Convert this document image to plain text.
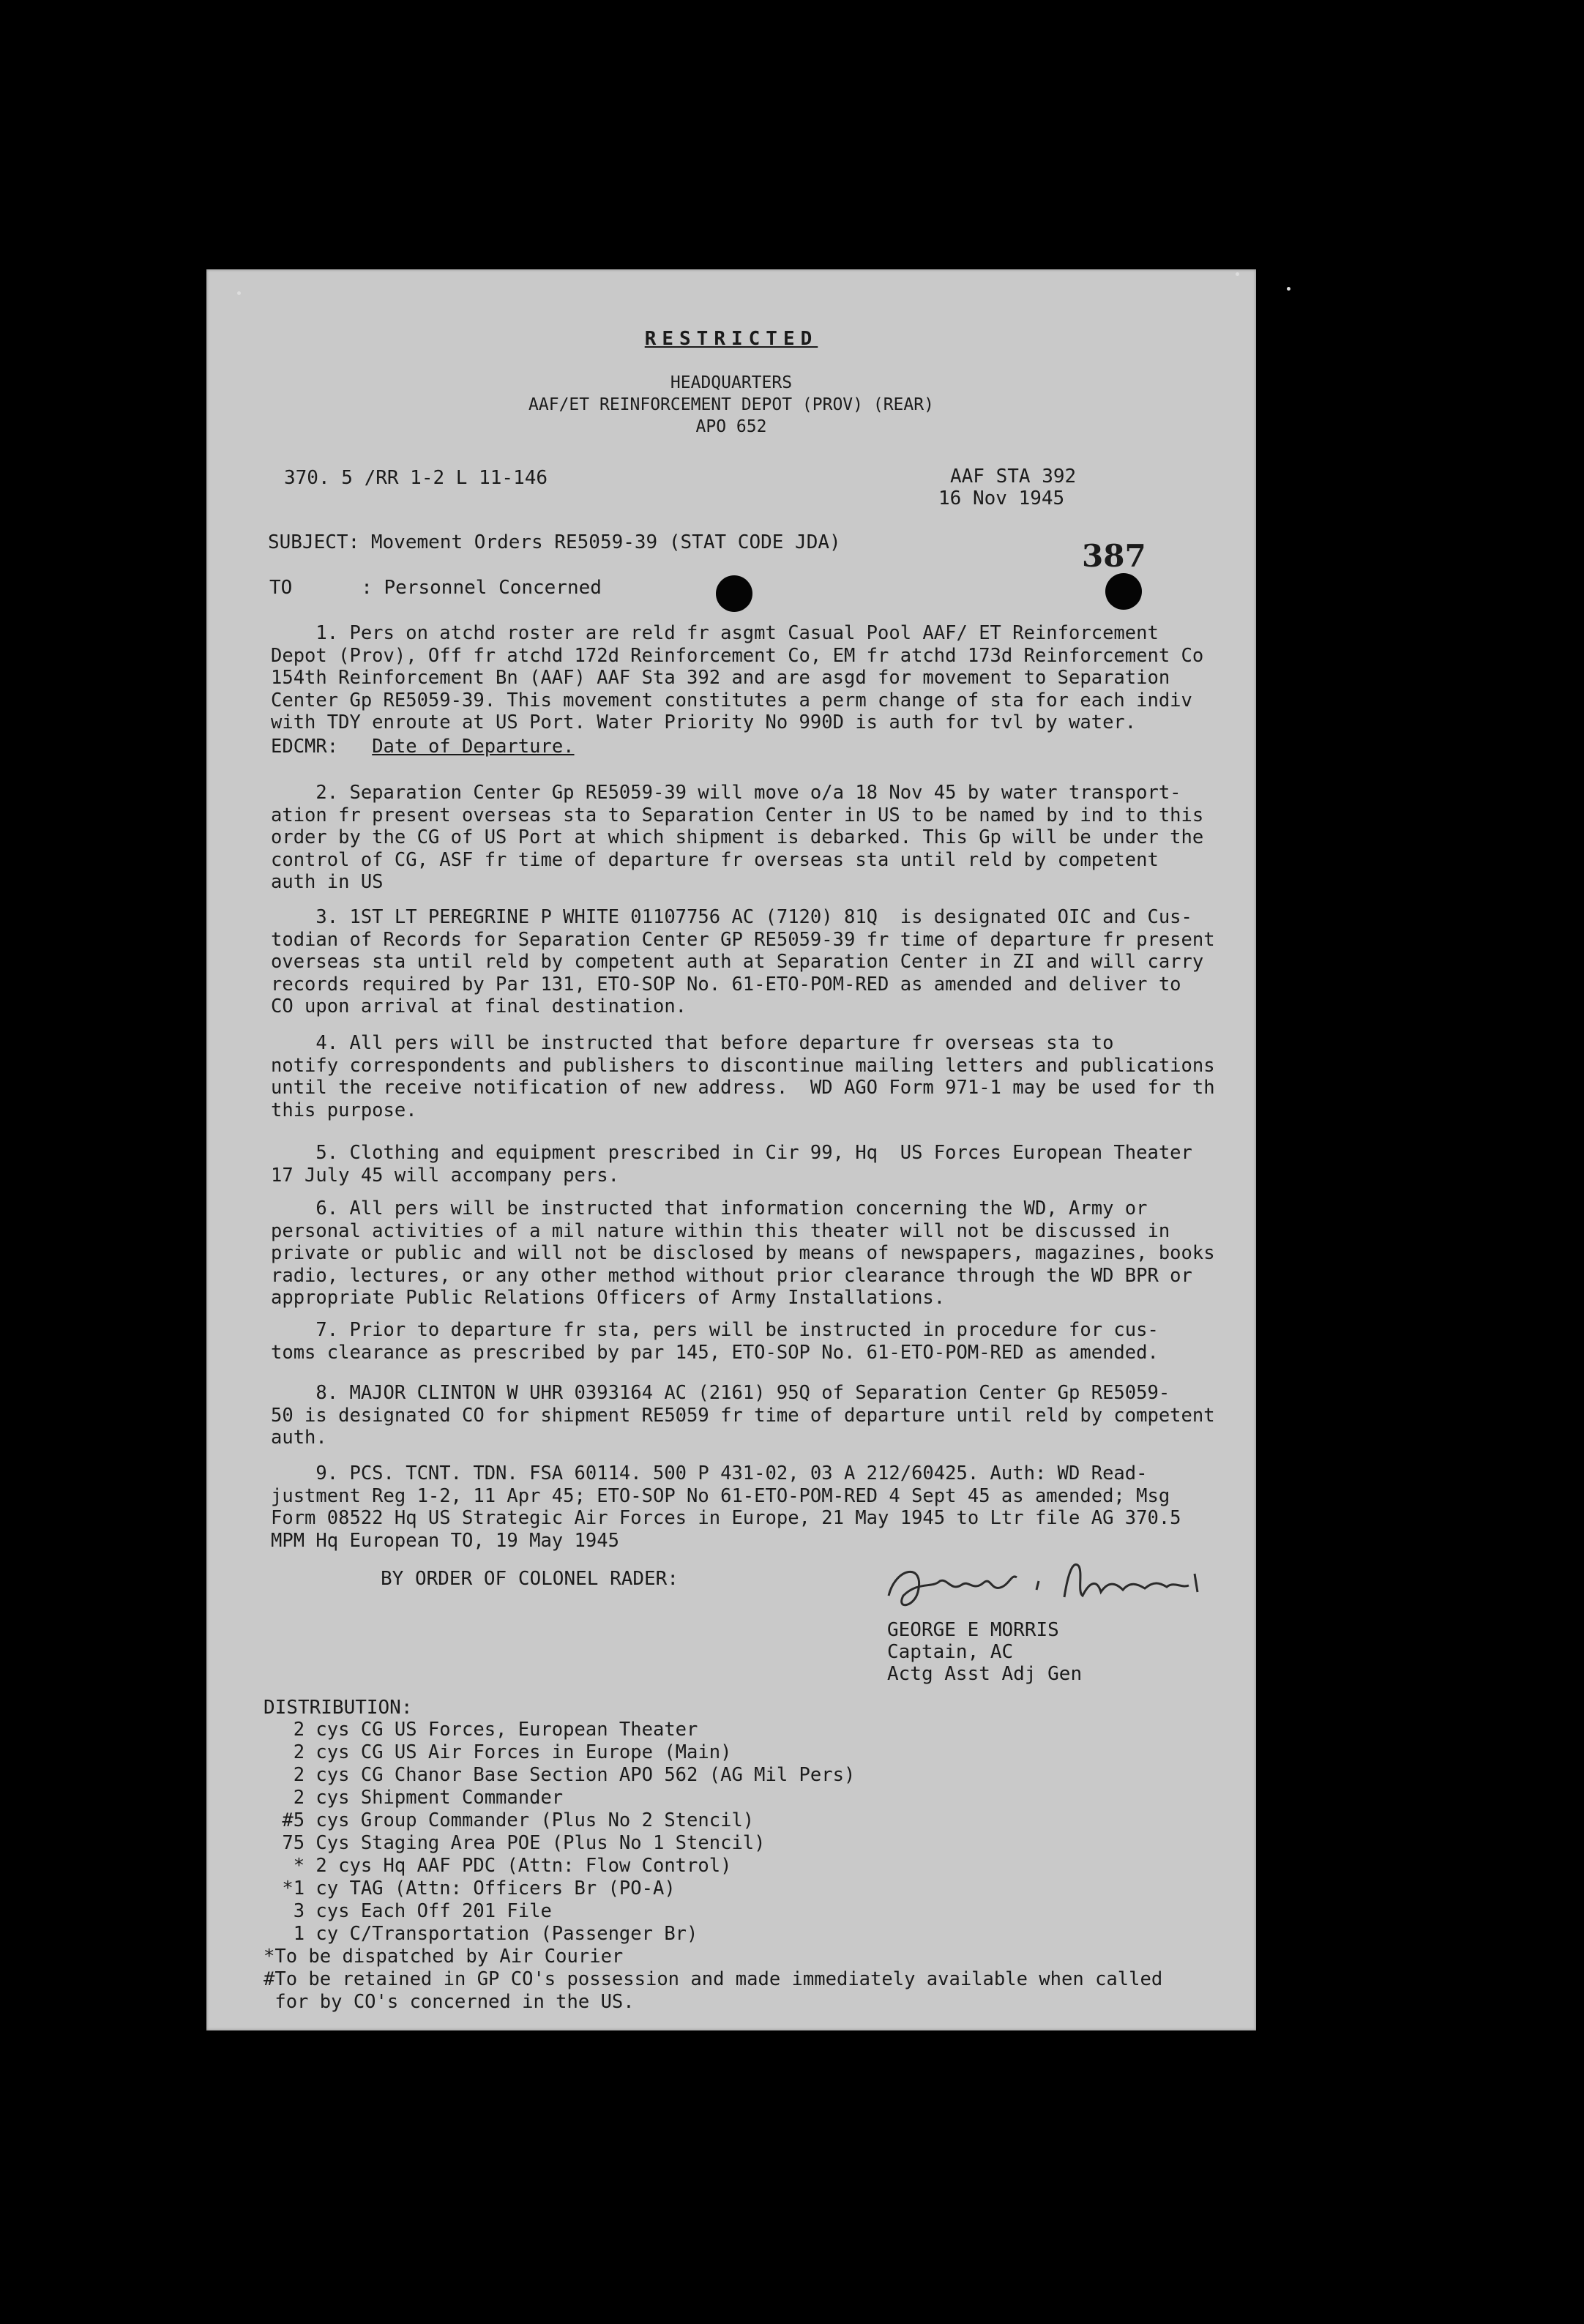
RESTRICTED
HEADQUARTERS
AAF/ET REINFORCEMENT DEPOT (PROV) (REAR)
APO 652
370. 5 /RR 1-2 L 11-146	AAF STA 392
16 Nov 1945
SUBJECT: Movement Orders RE5059-39 (STAT CODE JDA)	387
TO      : Personnel Concerned
1. Pers on atchd roster are reld fr asgmt Casual Pool AAF/ ET Reinforcement
Depot (Prov), Off fr atchd 172d Reinforcement Co, EM fr atchd 173d Reinforcement Co
154th Reinforcement Bn (AAF) AAF Sta 392 and are asgd for movement to Separation
Center Gp RE5059-39. This movement constitutes a perm change of sta for each indiv
with TDY enroute at US Port. Water Priority No 990D is auth for tvl by water.
EDCMR: Date of Departure.
2. Separation Center Gp RE5059-39 will move o/a 18 Nov 45 by water transport-
ation fr present overseas sta to Separation Center in US to be named by ind to this
order by the CG of US Port at which shipment is debarked. This Gp will be under the
control of CG, ASF fr time of departure fr overseas sta until reld by competent
auth in US
3. 1ST LT PEREGRINE P WHITE 01107756 AC (7120) 81Q  is designated OIC and Cus-
todian of Records for Separation Center GP RE5059-39 fr time of departure fr present
overseas sta until reld by competent auth at Separation Center in ZI and will carry
records required by Par 131, ETO-SOP No. 61-ETO-POM-RED as amended and deliver to
CO upon arrival at final destination.
4. All pers will be instructed that before departure fr overseas sta to
notify correspondents and publishers to discontinue mailing letters and publications
until the receive notification of new address.  WD AGO Form 971-1 may be used for th
this purpose.
5. Clothing and equipment prescribed in Cir 99, Hq  US Forces European Theater
17 July 45 will accompany pers.
6. All pers will be instructed that information concerning the WD, Army or
personal activities of a mil nature within this theater will not be discussed in
private or public and will not be disclosed by means of newspapers, magazines, books
radio, lectures, or any other method without prior clearance through the WD BPR or
appropriate Public Relations Officers of Army Installations.
7. Prior to departure fr sta, pers will be instructed in procedure for cus-
toms clearance as prescribed by par 145, ETO-SOP No. 61-ETO-POM-RED as amended.
8. MAJOR CLINTON W UHR 0393164 AC (2161) 95Q of Separation Center Gp RE5059-
50 is designated CO for shipment RE5059 fr time of departure until reld by competent
auth.
9. PCS. TCNT. TDN. FSA 60114. 500 P 431-02, 03 A 212/60425. Auth: WD Read-
justment Reg 1-2, 11 Apr 45; ETO-SOP No 61-ETO-POM-RED 4 Sept 45 as amended; Msg
Form 08522 Hq US Strategic Air Forces in Europe, 21 May 1945 to Ltr file AG 370.5
MPM Hq European TO, 19 May 1945
BY ORDER OF COLONEL RADER:
GEORGE E MORRIS
Captain, AC
Actg Asst Adj Gen
DISTRIBUTION:
2 cys CG US Forces, European Theater
2 cys CG US Air Forces in Europe (Main)
2 cys CG Chanor Base Section APO 562 (AG Mil Pers)
2 cys Shipment Commander
#5 cys Group Commander (Plus No 2 Stencil)
75 Cys Staging Area POE (Plus No 1 Stencil)
* 2 cys Hq AAF PDC (Attn: Flow Control)
*1 cy TAG (Attn: Officers Br (PO-A)
3 cys Each Off 201 File
1 cy C/Transportation (Passenger Br)
*To be dispatched by Air Courier
#To be retained in GP CO's possession and made immediately available when called
for by CO's concerned in the US.
